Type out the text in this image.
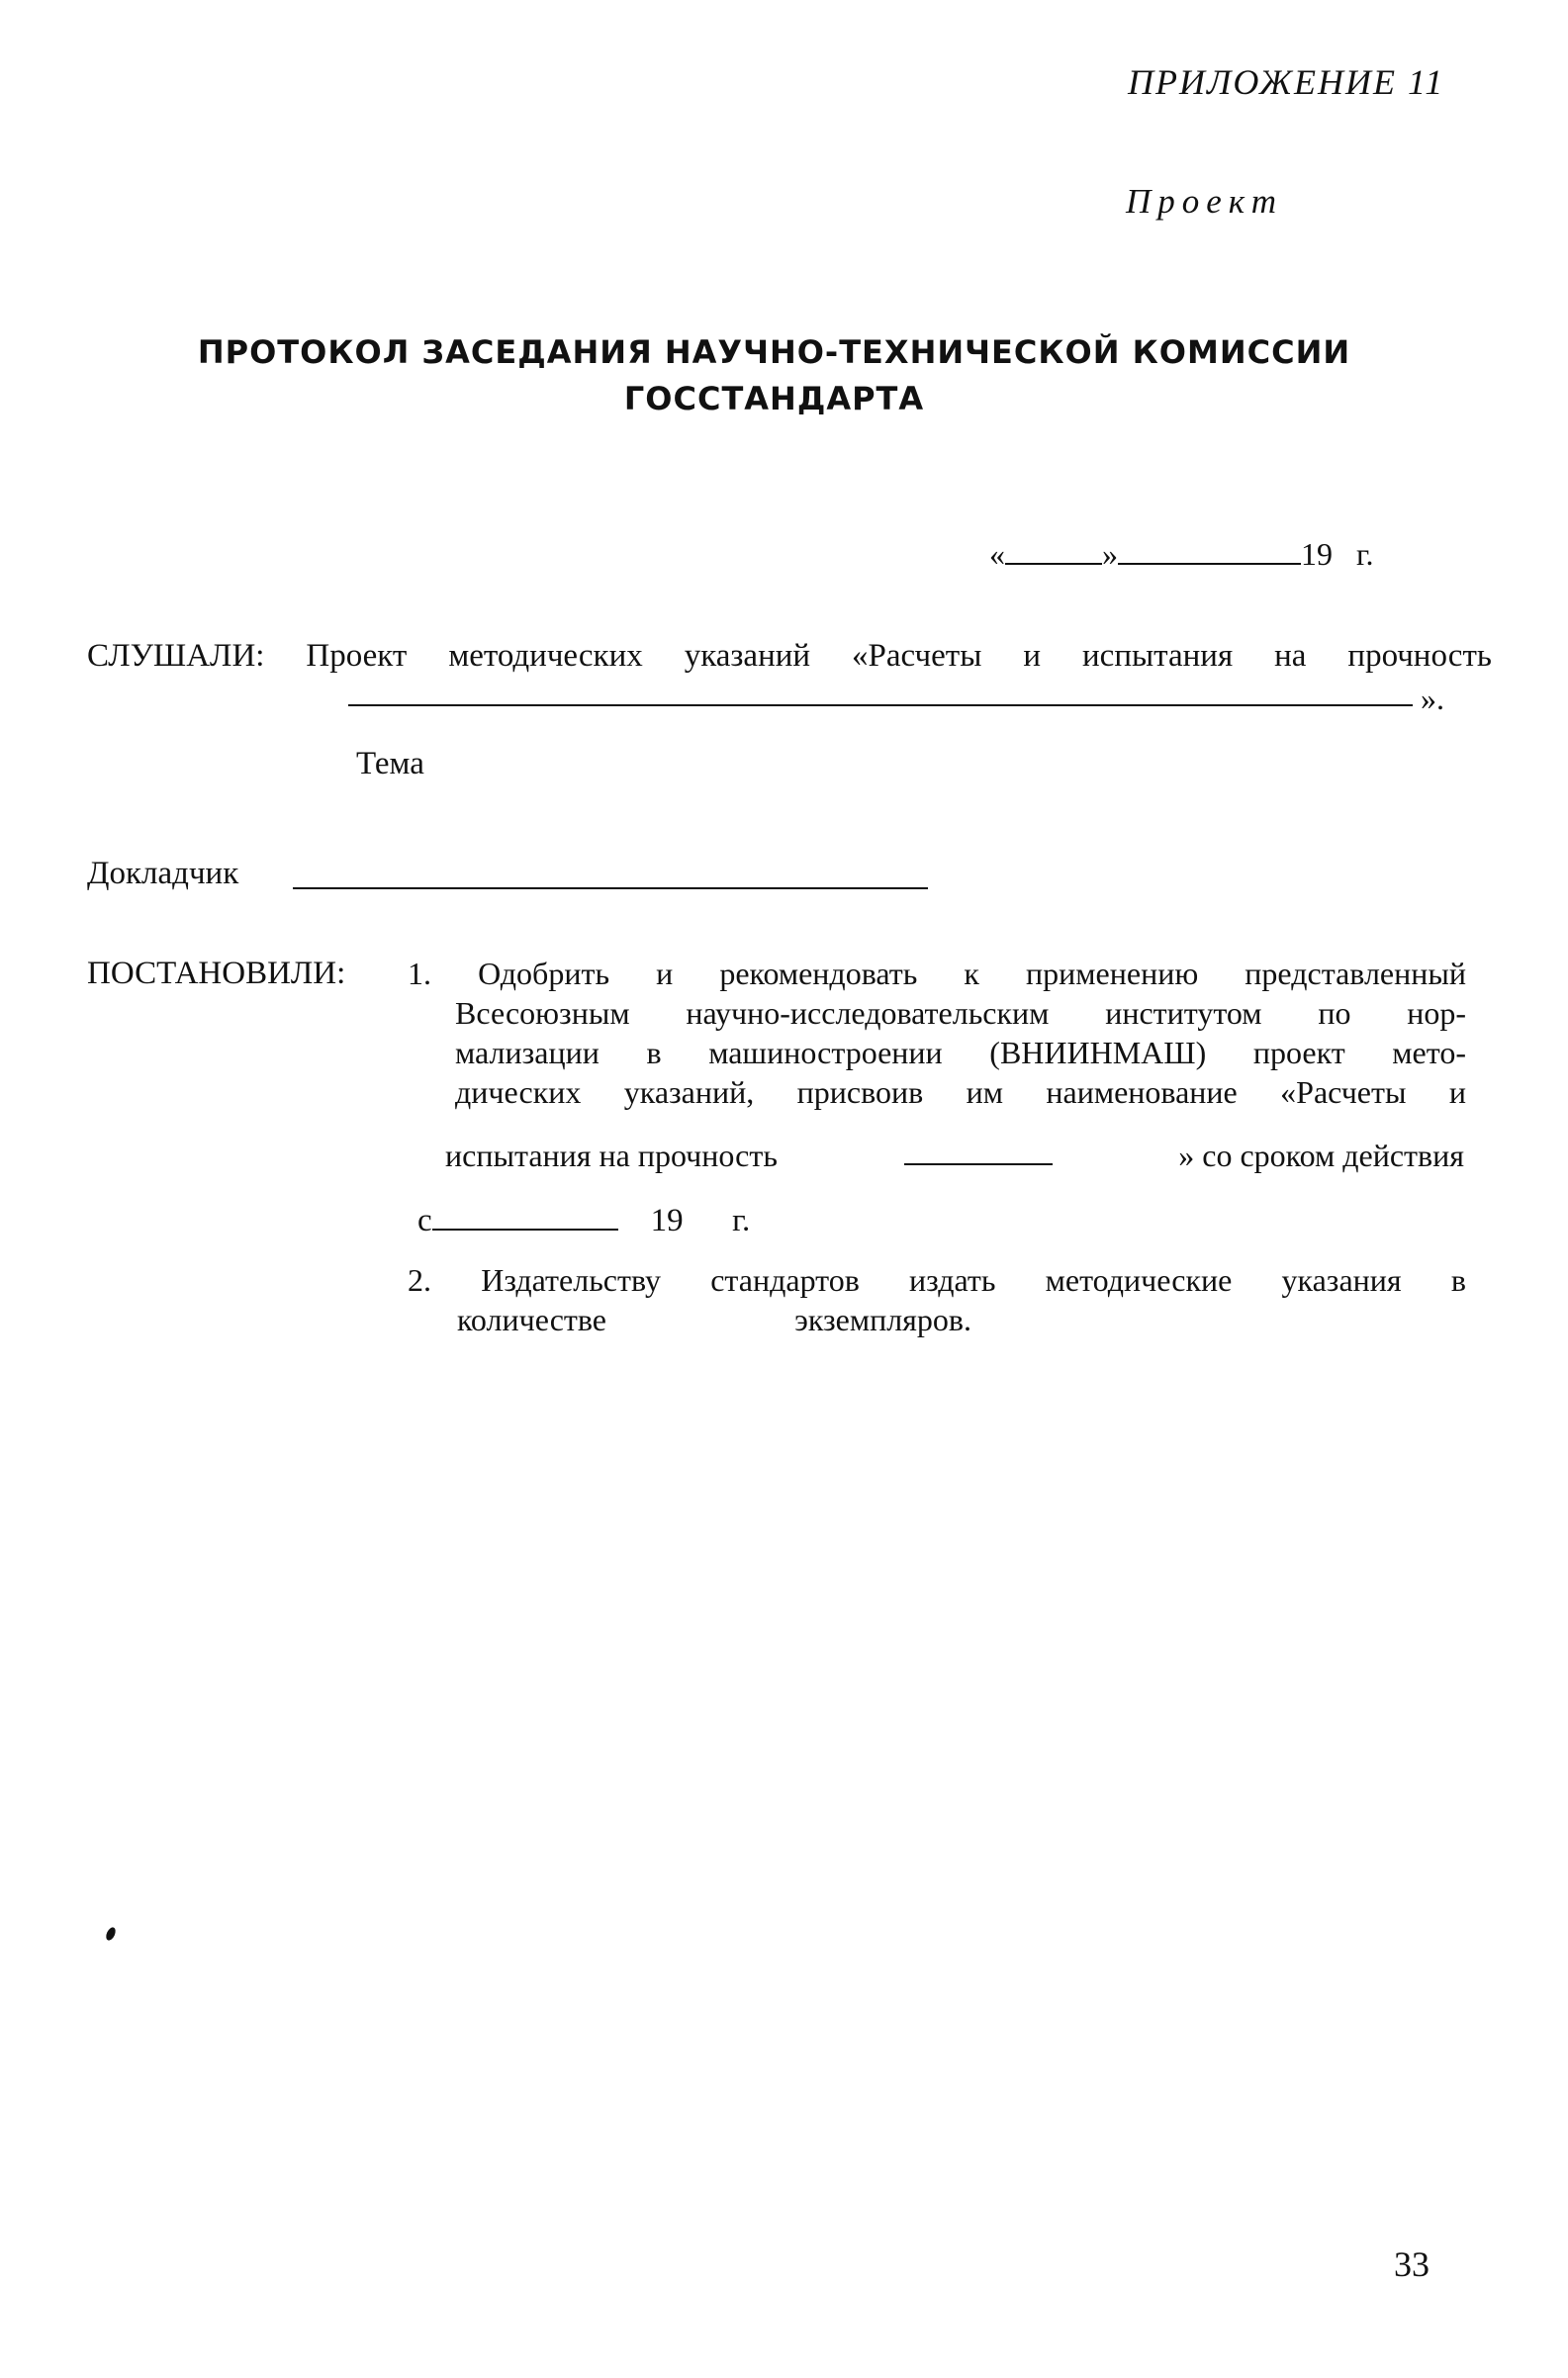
ПРИЛОЖЕНИЕ 11
Проект
ПРОТОКОЛ ЗАСЕДАНИЯ НАУЧНО-ТЕХНИЧЕСКОЙ КОМИССИИ
ГОССТАНДАРТА
«	»	19 г.
СЛУШАЛИ: Проект методических указаний «Расчеты и испытания на прочность
».
Тема
Докладчик
ПОСТАНОВИЛИ: 1. Одобрить и рекомендовать к применению представленный
Всесоюзным научно-исследовательским институтом по нор-
мализации в машиностроении (ВНИИНМАШ) проект мето-
дических указаний, присвоив им наименование «Расчеты и
испытания на прочность	» со сроком действия
с	19 г.
2. Издательству стандартов издать методические указания в
количестве	экземпляров.
33
